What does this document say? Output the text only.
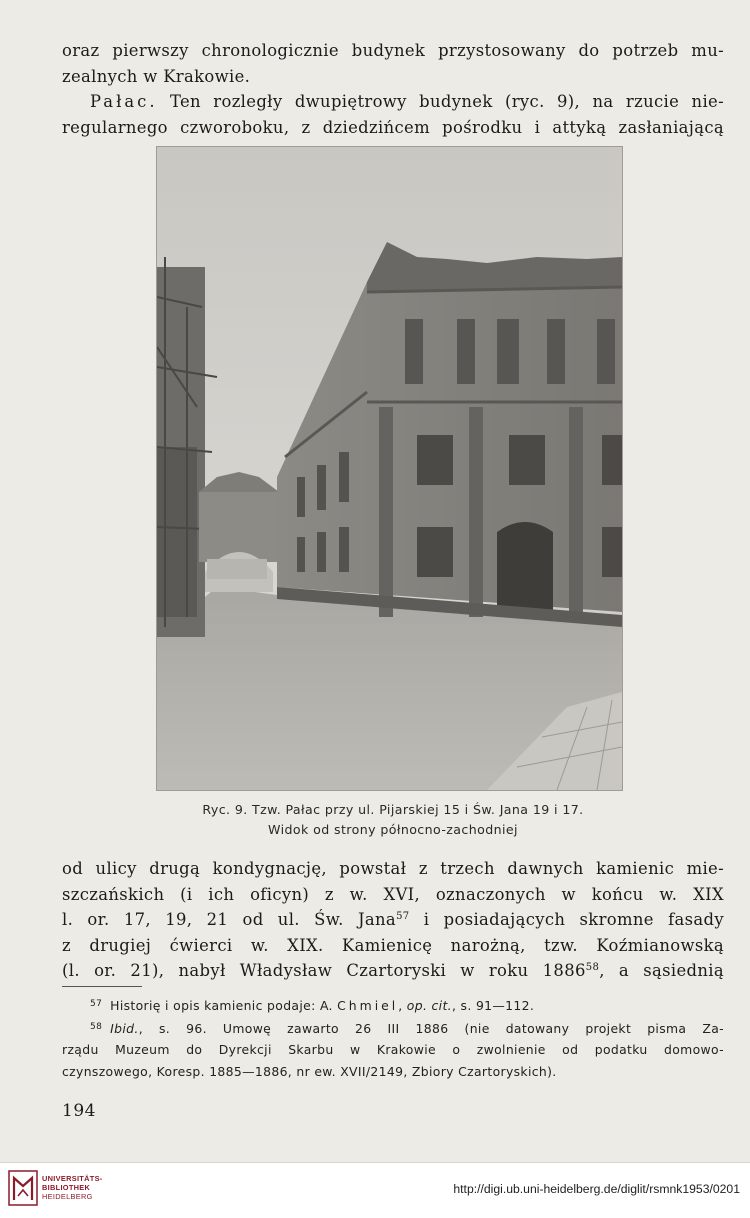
oraz pierwszy chronologicznie budynek przystosowany do potrzeb mu-
zealnych w Krakowie.
Pałac. Ten rozległy dwupiętrowy budynek (ryc. 9), na rzucie nie-
regularnego czworoboku, z dziedzińcem pośrodku i attyką zasłaniającą

Ryc. 9. Tzw. Pałac przy ul. Pijarskiej 15 i Św. Jana 19 i 17.

Widok od strony północno-zachodniej

od ulicy drugą kondygnację, powstał z trzech dawnych kamienic mie-
szczańskich (i ich oficyn) z w. XVI, oznaczonych w końcu w. XIX
l. or. 17, 19, 21 od ul. Św. Jana$^{57}$ i posiadających skromne fasady
z drugiej ćwierci w. XIX. Kamienicę narożną, tzw. Koźmianowską
(l. or. 21), nabył Władysław Czartoryski w roku 1886$^{58}$, a sąsiednią

$^{57}$ Historię i opis kamienic podaje: A. Chmiel, op. cit., s. 91—112.
$^{58}$ Ibid., s. 96. Umowę zawarto 26 III 1886 (nie datowany projekt pisma Za-
rządu Muzeum do Dyrekcji Skarbu w Krakowie o zwolnienie od podatku domowo-
czynszowego, Koresp. 1885—1886, nr ew. XVII/2149, Zbiory Czartoryskich).

194

UNIVERSITÄTS-
BIBLIOTHEK
HEIDELBERG
http://digi.ub.uni-heidelberg.de/diglit/rsmnk1953/0201
